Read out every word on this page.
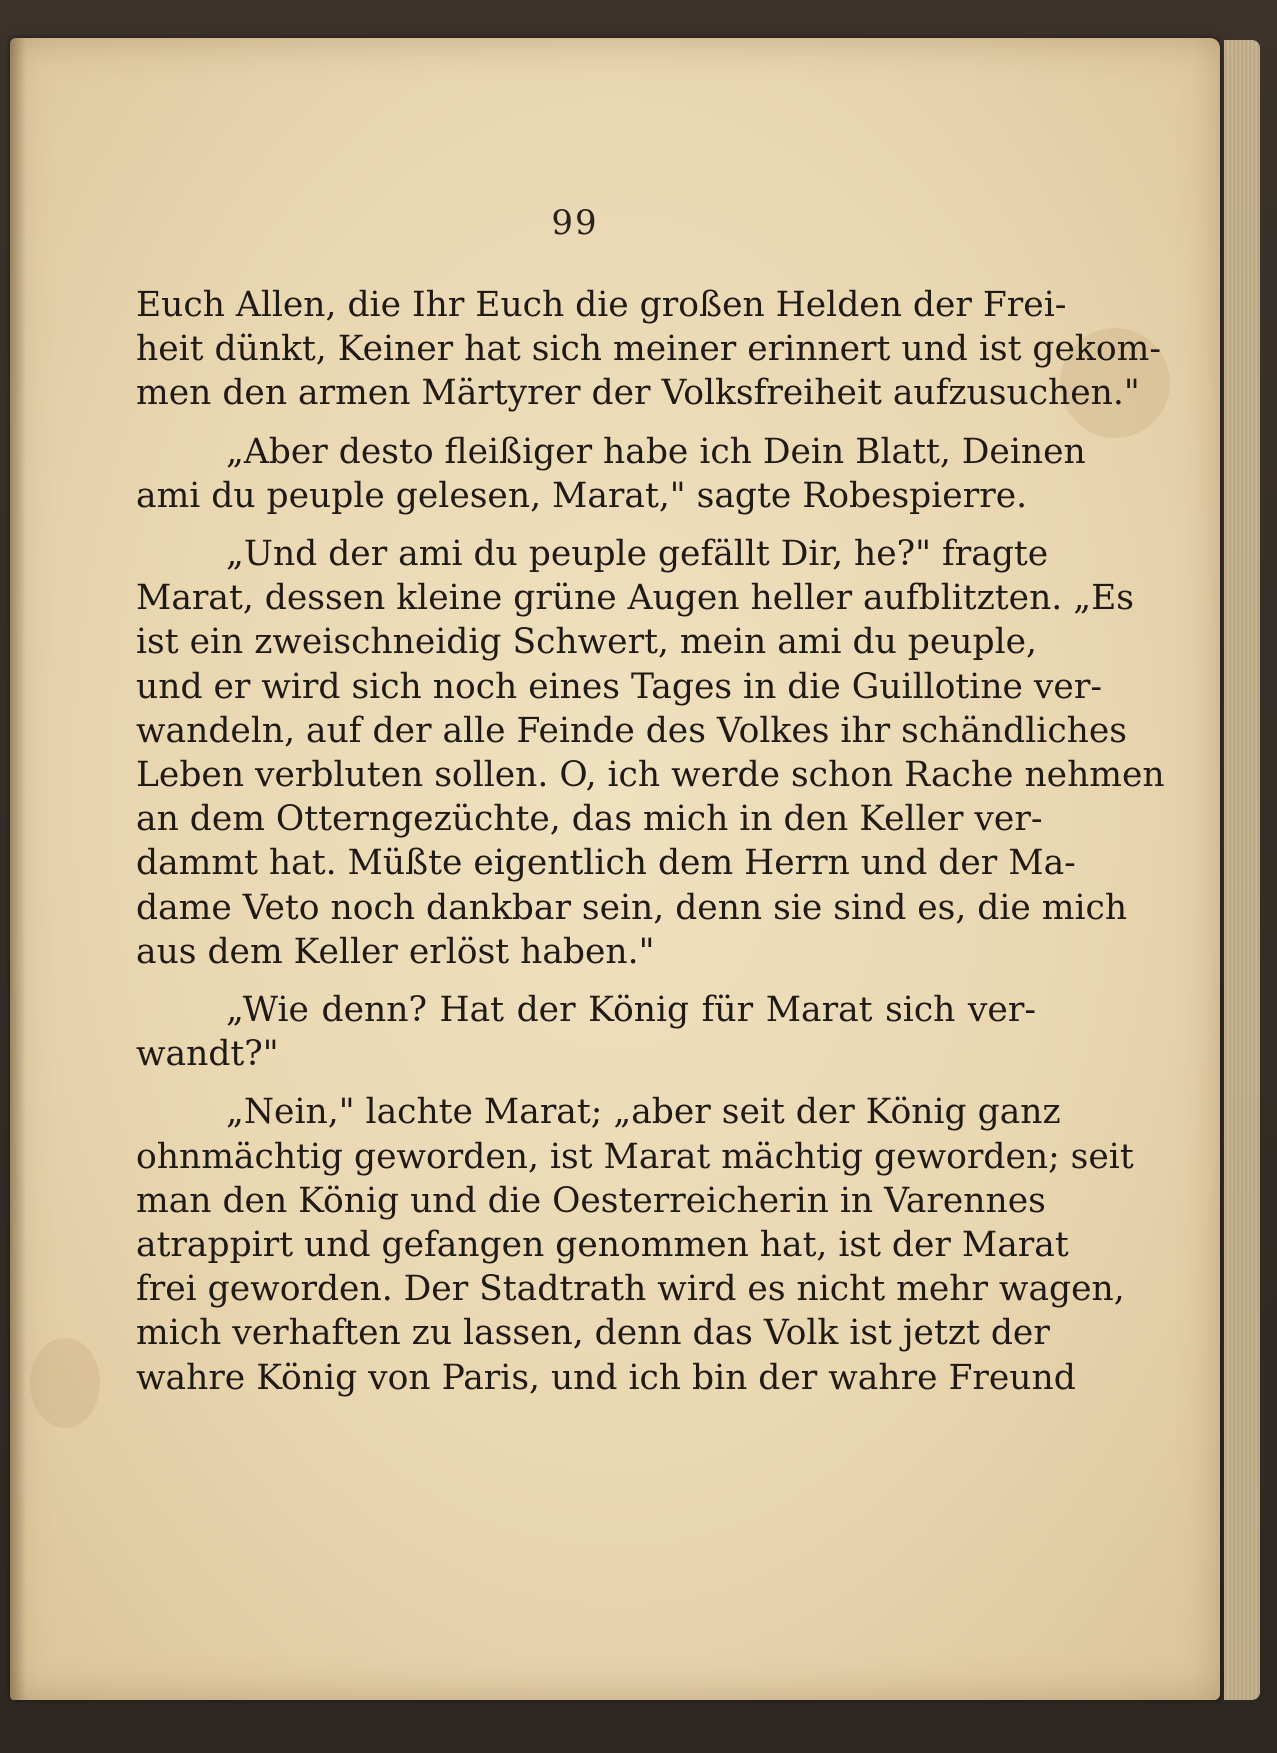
99
Euch Allen, die Ihr Euch die großen Helden der Frei-
heit dünkt, Keiner hat sich meiner erinnert und ist gekom-
men den armen Märtyrer der Volksfreiheit aufzusuchen."
„Aber desto fleißiger habe ich Dein Blatt, Deinen
ami du peuple gelesen, Marat," sagte Robespierre.
„Und der ami du peuple gefällt Dir, he?" fragte
Marat, dessen kleine grüne Augen heller aufblitzten. „Es
ist ein zweischneidig Schwert, mein ami du peuple,
und er wird sich noch eines Tages in die Guillotine ver-
wandeln, auf der alle Feinde des Volkes ihr schändliches
Leben verbluten sollen. O, ich werde schon Rache nehmen
an dem Otterngezüchte, das mich in den Keller ver-
dammt hat. Müßte eigentlich dem Herrn und der Ma-
dame Veto noch dankbar sein, denn sie sind es, die mich
aus dem Keller erlöst haben."
„Wie denn? Hat der König für Marat sich ver-
wandt?"
„Nein," lachte Marat; „aber seit der König ganz
ohnmächtig geworden, ist Marat mächtig geworden; seit
man den König und die Oesterreicherin in Varennes
atrappirt und gefangen genommen hat, ist der Marat
frei geworden. Der Stadtrath wird es nicht mehr wagen,
mich verhaften zu lassen, denn das Volk ist jetzt der
wahre König von Paris, und ich bin der wahre Freund
